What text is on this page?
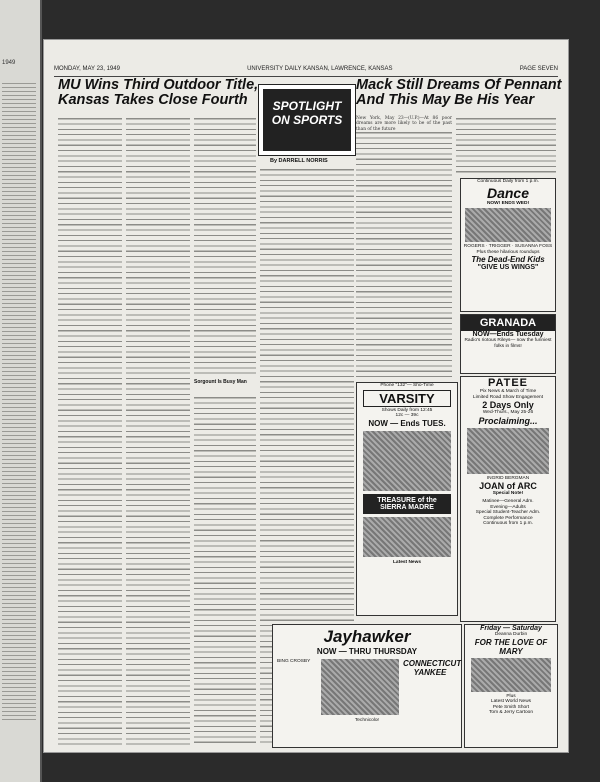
1949
MONDAY, MAY 23, 1949	UNIVERSITY DAILY KANSAN, LAWRENCE, KANSAS	PAGE SEVEN
MU Wins Third Outdoor Title, Kansas Takes Close Fourth
Sorgount Is Busy Man
SPOTLIGHT ON SPORTS
By DARRELL NORRIS
Mack Still Dreams Of Pennant And This May Be His Year
New York, May 23—(U.P.)—At 86 poor dreams are more likely to be of the past
Continuous Daily from 1 p.m.
Dance
NOW! ENDS WED!
ROGERS · TRIGGER · SUSANNA FOSS
Plus these hilarious roundups
The Dead-End Kids
"GIVE US WINGS"
GRANADA
NOW—Ends Tuesday
Radio's riotous Rileys— now the funniest folks in films!
Phone "132"— Sho-Time
VARSITY
Shows Daily from 12:45
12c — 39c
NOW — Ends TUES.
TREASURE of the SIERRA MADRE
Latest News
PATEE
Pix News & March of Time
Limited Road Show Engagement
2 Days Only
Wed-Thurs., May 25-26
Proclaiming...
INGRID BERGMAN
JOAN of ARC
Special Note!
Matinee—General Adm.
Evening—Adults
Special Student-Teacher Adm.
Complete Performance
Continuous from 1 p.m.
Jayhawker
NOW — THRU THURSDAY
BING CROSBY	CONNECTICUT YANKEE
Technicolor
Friday — Saturday
Deanna Durbin
FOR THE LOVE OF MARY
Plus
Latest World News
Pete Smith Short
Tom & Jerry Cartoon
